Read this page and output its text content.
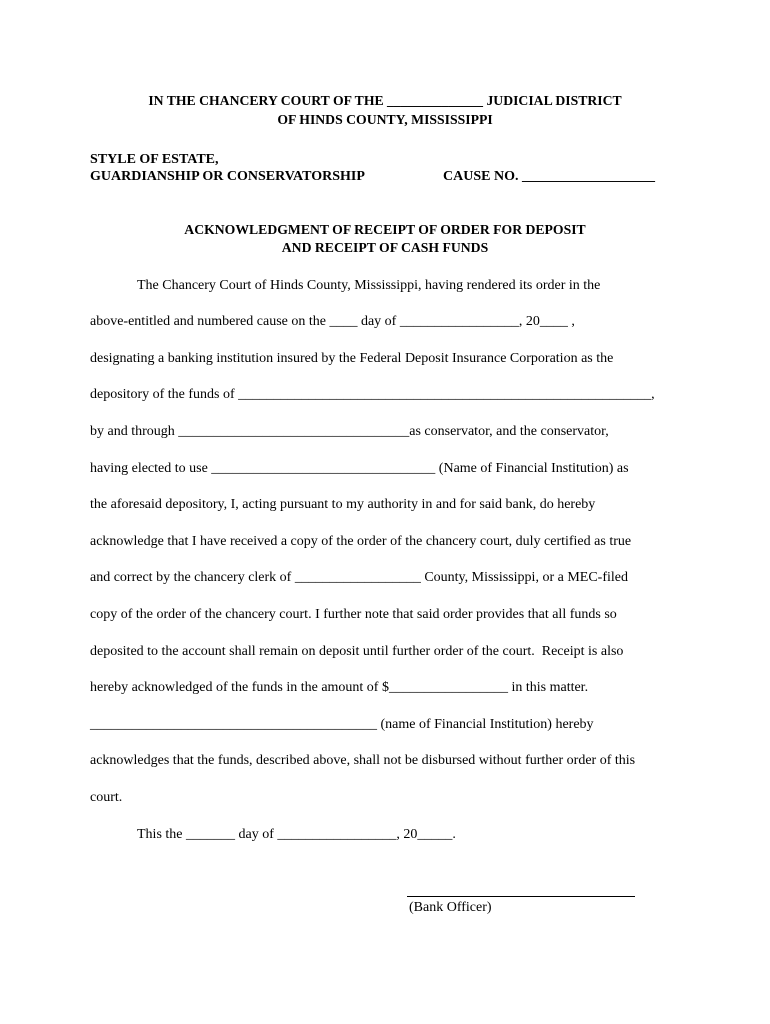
IN THE CHANCERY COURT OF THE ______________ JUDICIAL DISTRICT
OF HINDS COUNTY, MISSISSIPPI
STYLE OF ESTATE,
GUARDIANSHIP OR CONSERVATORSHIP	CAUSE NO. ___________________
ACKNOWLEDGMENT OF RECEIPT OF ORDER FOR DEPOSIT
AND RECEIPT OF CASH FUNDS
The Chancery Court of Hinds County, Mississippi, having rendered its order in the
above-entitled and numbered cause on the ____ day of _________________, 20____ ,
designating a banking institution insured by the Federal Deposit Insurance Corporation as the
depository of the funds of ___________________________________________________________,
by and through _________________________________as conservator, and the conservator,
having elected to use ________________________________ (Name of Financial Institution) as
the aforesaid depository, I, acting pursuant to my authority in and for said bank, do hereby
acknowledge that I have received a copy of the order of the chancery court, duly certified as true
and correct by the chancery clerk of __________________ County, Mississippi, or a MEC-filed
copy of the order of the chancery court. I further note that said order provides that all funds so
deposited to the account shall remain on deposit until further order of the court.  Receipt is also
hereby acknowledged of the funds in the amount of $_________________ in this matter.
_________________________________________ (name of Financial Institution) hereby
acknowledges that the funds, described above, shall not be disbursed without further order of this
court.
This the _______ day of _________________, 20_____.
(Bank Officer)
